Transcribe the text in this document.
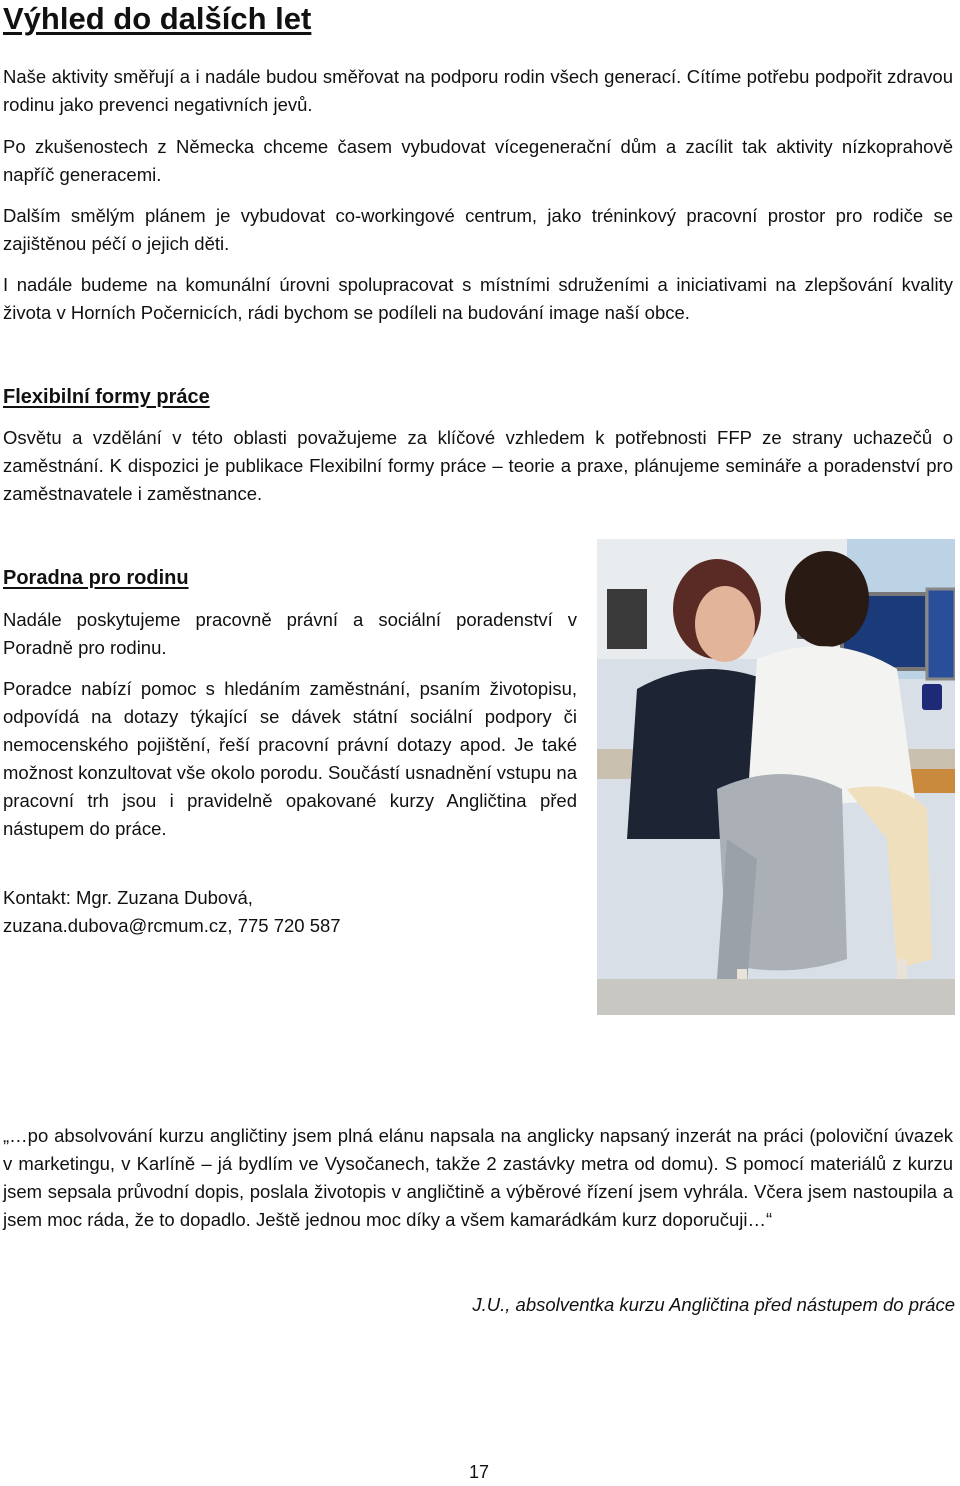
Výhled do dalších let

Naše aktivity směřují a i nadále budou směřovat na podporu rodin všech generací. Cítíme potřebu podpořit zdravou rodinu jako prevenci negativních jevů.

Po zkušenostech z Německa chceme časem vybudovat vícegenerační dům a zacílit tak aktivity nízkoprahově napříč generacemi.

Dalším smělým plánem je vybudovat co-workingové centrum, jako tréninkový pracovní prostor pro rodiče se zajištěnou péčí o jejich děti.

I nadále budeme na komunální úrovni spolupracovat s místními sdruženími a iniciativami na zlepšování kvality života v Horních Počernicích, rádi bychom se podíleli na budování image naší obce.

Flexibilní formy práce

Osvětu a vzdělání v této oblasti považujeme za klíčové vzhledem k potřebnosti FFP ze strany uchazečů o zaměstnání. K dispozici je publikace Flexibilní formy práce – teorie a praxe, plánujeme semináře a poradenství pro zaměstnavatele i zaměstnance.

Poradna pro rodinu

Nadále poskytujeme pracovně právní a sociální poradenství v Poradně pro rodinu.

Poradce nabízí pomoc s hledáním zaměstnání, psaním životopisu, odpovídá na dotazy týkající se dávek státní sociální podpory či nemocenského pojištění, řeší pracovní právní dotazy apod. Je také možnost konzultovat vše okolo porodu. Součástí usnadnění vstupu na pracovní trh jsou i pravidelně opakované kurzy Angličtina před nástupem do práce.

Kontakt: Mgr. Zuzana Dubová,

zuzana.dubova@rcmum.cz, 775 720 587

„…po absolvování kurzu angličtiny jsem plná elánu napsala na anglicky napsaný inzerát na práci (poloviční úvazek v marketingu, v Karlíně – já bydlím ve Vysočanech, takže 2 zastávky metra od domu). S pomocí materiálů z kurzu jsem sepsala průvodní dopis, poslala životopis v angličtině a výběrové řízení jsem vyhrála. Včera jsem nastoupila a jsem moc ráda, že to dopadlo. Ještě jednou moc díky a všem kamarádkám kurz doporučuji…“

J.U., absolventka kurzu Angličtina před nástupem do práce

17
